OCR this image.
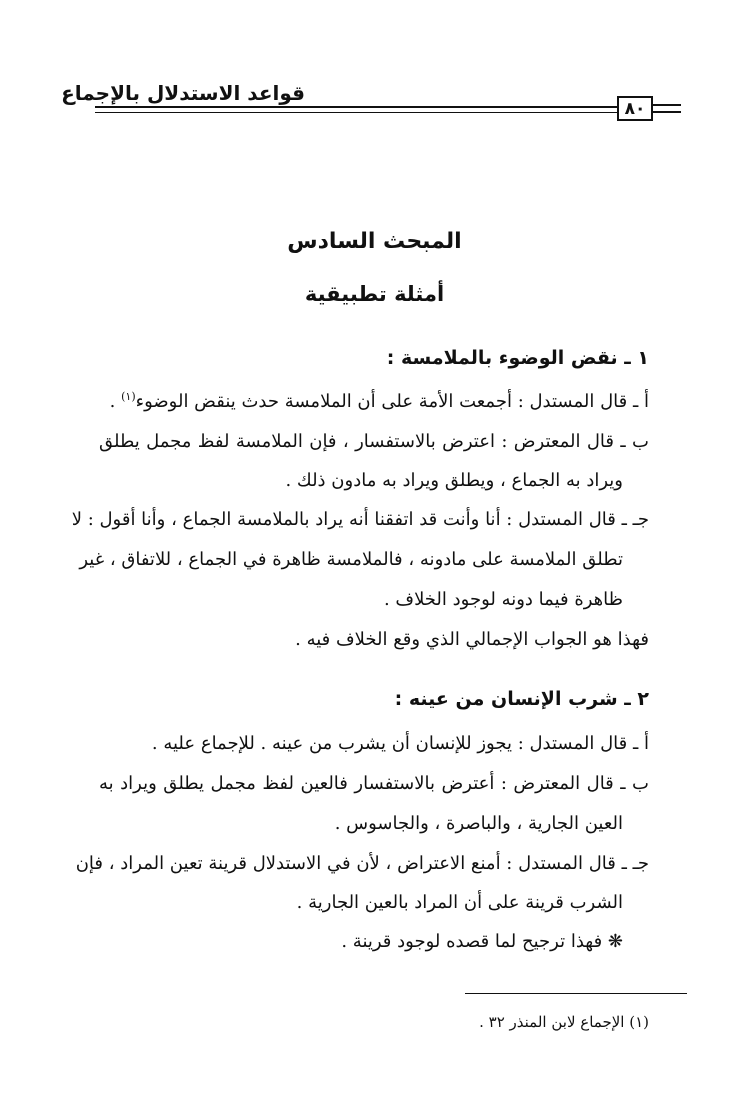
قواعد الاستدلال بالإجماع
٨٠
المبحث السادس
أمثلة تطبيقية
١ ـ نقض الوضوء بالملامسة :
أ ـ قال المستدل : أجمعت الأمة على أن الملامسة حدث ينقض الوضوء$^{(١)}$ .
ب ـ قال المعترض : اعترض بالاستفسار ، فإن الملامسة لفظ مجمل يطلق
ويراد به الجماع ، ويطلق ويراد به مادون ذلك .
جـ ـ قال المستدل : أنا وأنت قد اتفقنا أنه يراد بالملامسة الجماع ، وأنا أقول : لا
تطلق الملامسة على مادونه ، فالملامسة ظاهرة في الجماع ، للاتفاق ، غير
ظاهرة فيما دونه لوجود الخلاف .
فهذا هو الجواب الإجمالي الذي وقع الخلاف فيه .
٢ ـ شرب الإنسان من عينه :
أ ـ قال المستدل : يجوز للإنسان أن يشرب من عينه . للإجماع عليه .
ب ـ قال المعترض : أعترض بالاستفسار فالعين لفظ مجمل يطلق ويراد به
العين الجارية ، والباصرة ، والجاسوس .
جـ ـ قال المستدل : أمنع الاعتراض ، لأن في الاستدلال قرينة تعين المراد ، فإن
الشرب قرينة على أن المراد بالعين الجارية .
❋ فهذا ترجيح لما قصده لوجود قرينة .
(١) الإجماع لابن المنذر ٣٢ .
